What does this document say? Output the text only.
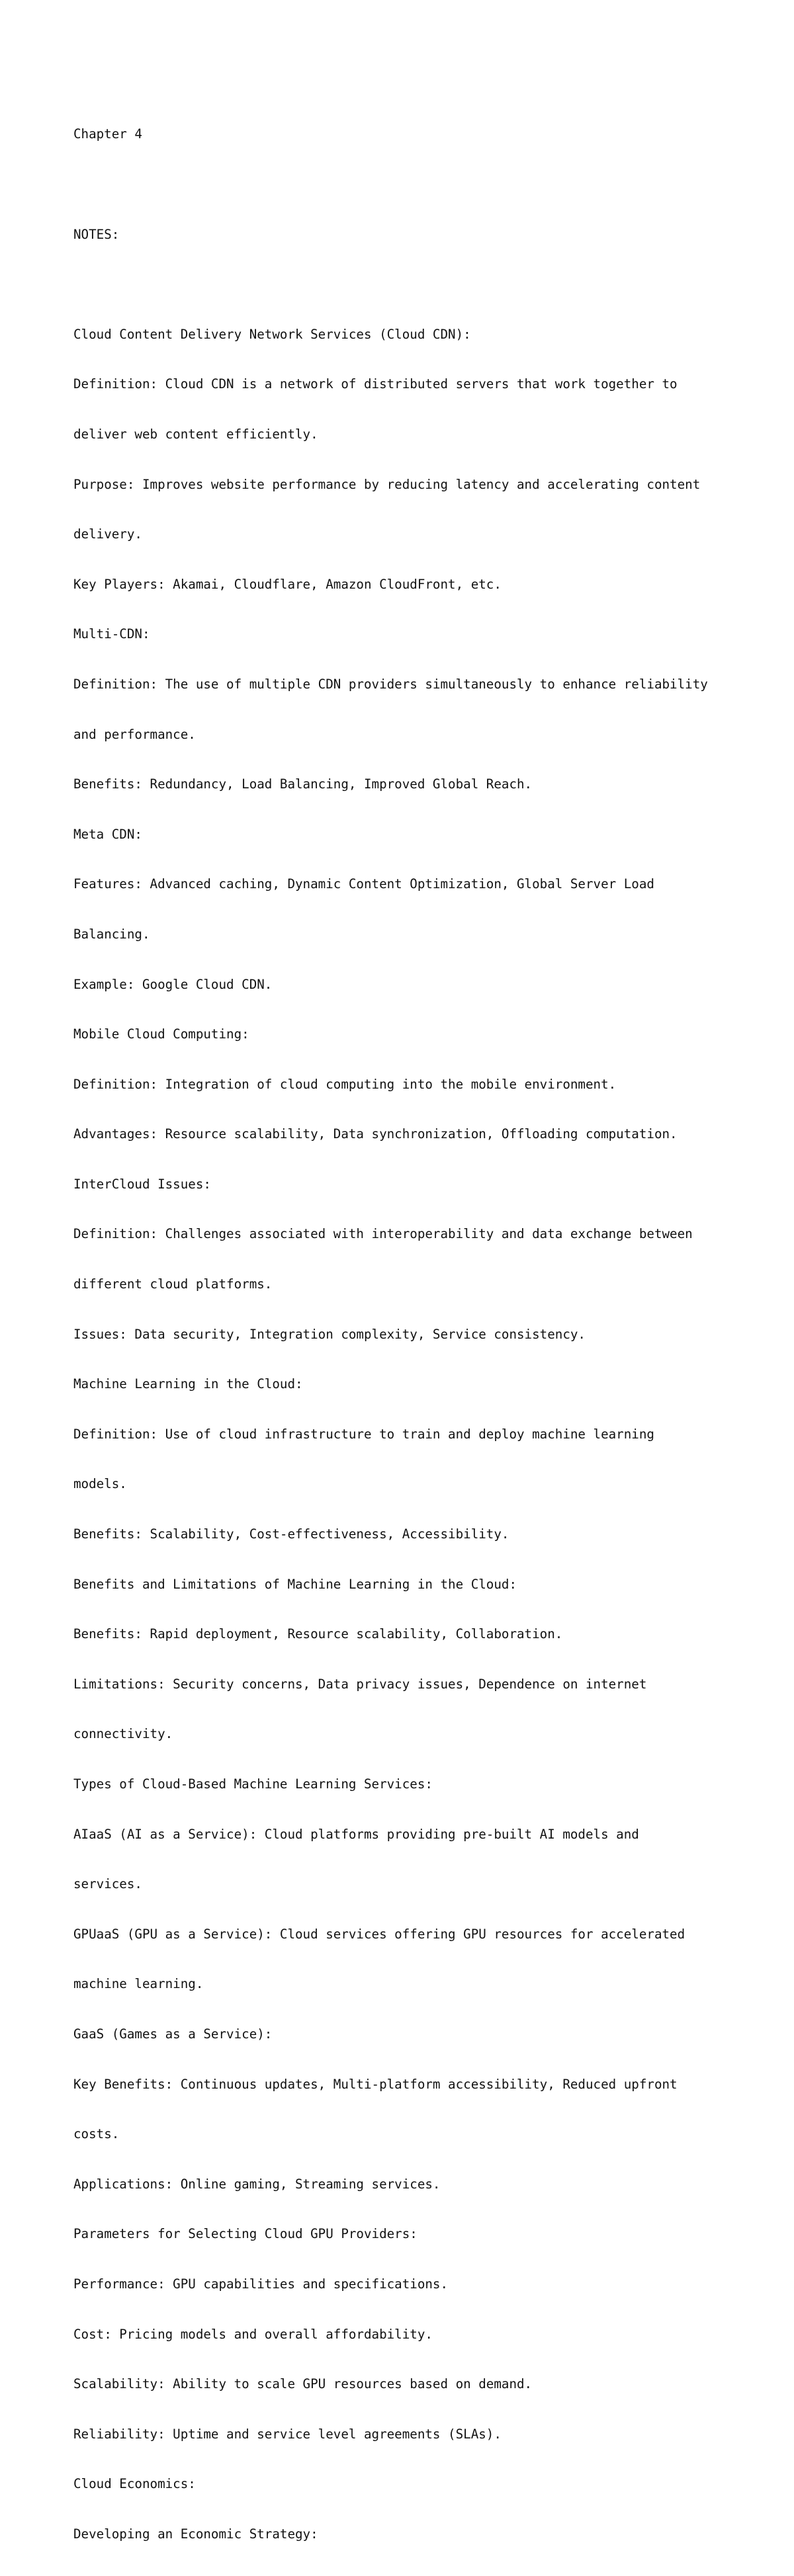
Chapter 4

NOTES:

Cloud Content Delivery Network Services (Cloud CDN):

Definition: Cloud CDN is a network of distributed servers that work together to

deliver web content efficiently.

Purpose: Improves website performance by reducing latency and accelerating content

delivery.

Key Players: Akamai, Cloudflare, Amazon CloudFront, etc.

Multi-CDN:

Definition: The use of multiple CDN providers simultaneously to enhance reliability

and performance.

Benefits: Redundancy, Load Balancing, Improved Global Reach.

Meta CDN:

Features: Advanced caching, Dynamic Content Optimization, Global Server Load

Balancing.

Example: Google Cloud CDN.

Mobile Cloud Computing:

Definition: Integration of cloud computing into the mobile environment.

Advantages: Resource scalability, Data synchronization, Offloading computation.

InterCloud Issues:

Definition: Challenges associated with interoperability and data exchange between

different cloud platforms.

Issues: Data security, Integration complexity, Service consistency.

Machine Learning in the Cloud:

Definition: Use of cloud infrastructure to train and deploy machine learning

models.

Benefits: Scalability, Cost-effectiveness, Accessibility.

Benefits and Limitations of Machine Learning in the Cloud:

Benefits: Rapid deployment, Resource scalability, Collaboration.

Limitations: Security concerns, Data privacy issues, Dependence on internet

connectivity.

Types of Cloud-Based Machine Learning Services:

AIaaS (AI as a Service): Cloud platforms providing pre-built AI models and

services.

GPUaaS (GPU as a Service): Cloud services offering GPU resources for accelerated

machine learning.

GaaS (Games as a Service):

Key Benefits: Continuous updates, Multi-platform accessibility, Reduced upfront

costs.

Applications: Online gaming, Streaming services.

Parameters for Selecting Cloud GPU Providers:

Performance: GPU capabilities and specifications.

Cost: Pricing models and overall affordability.

Scalability: Ability to scale GPU resources based on demand.

Reliability: Uptime and service level agreements (SLAs).

Cloud Economics:

Developing an Economic Strategy:
